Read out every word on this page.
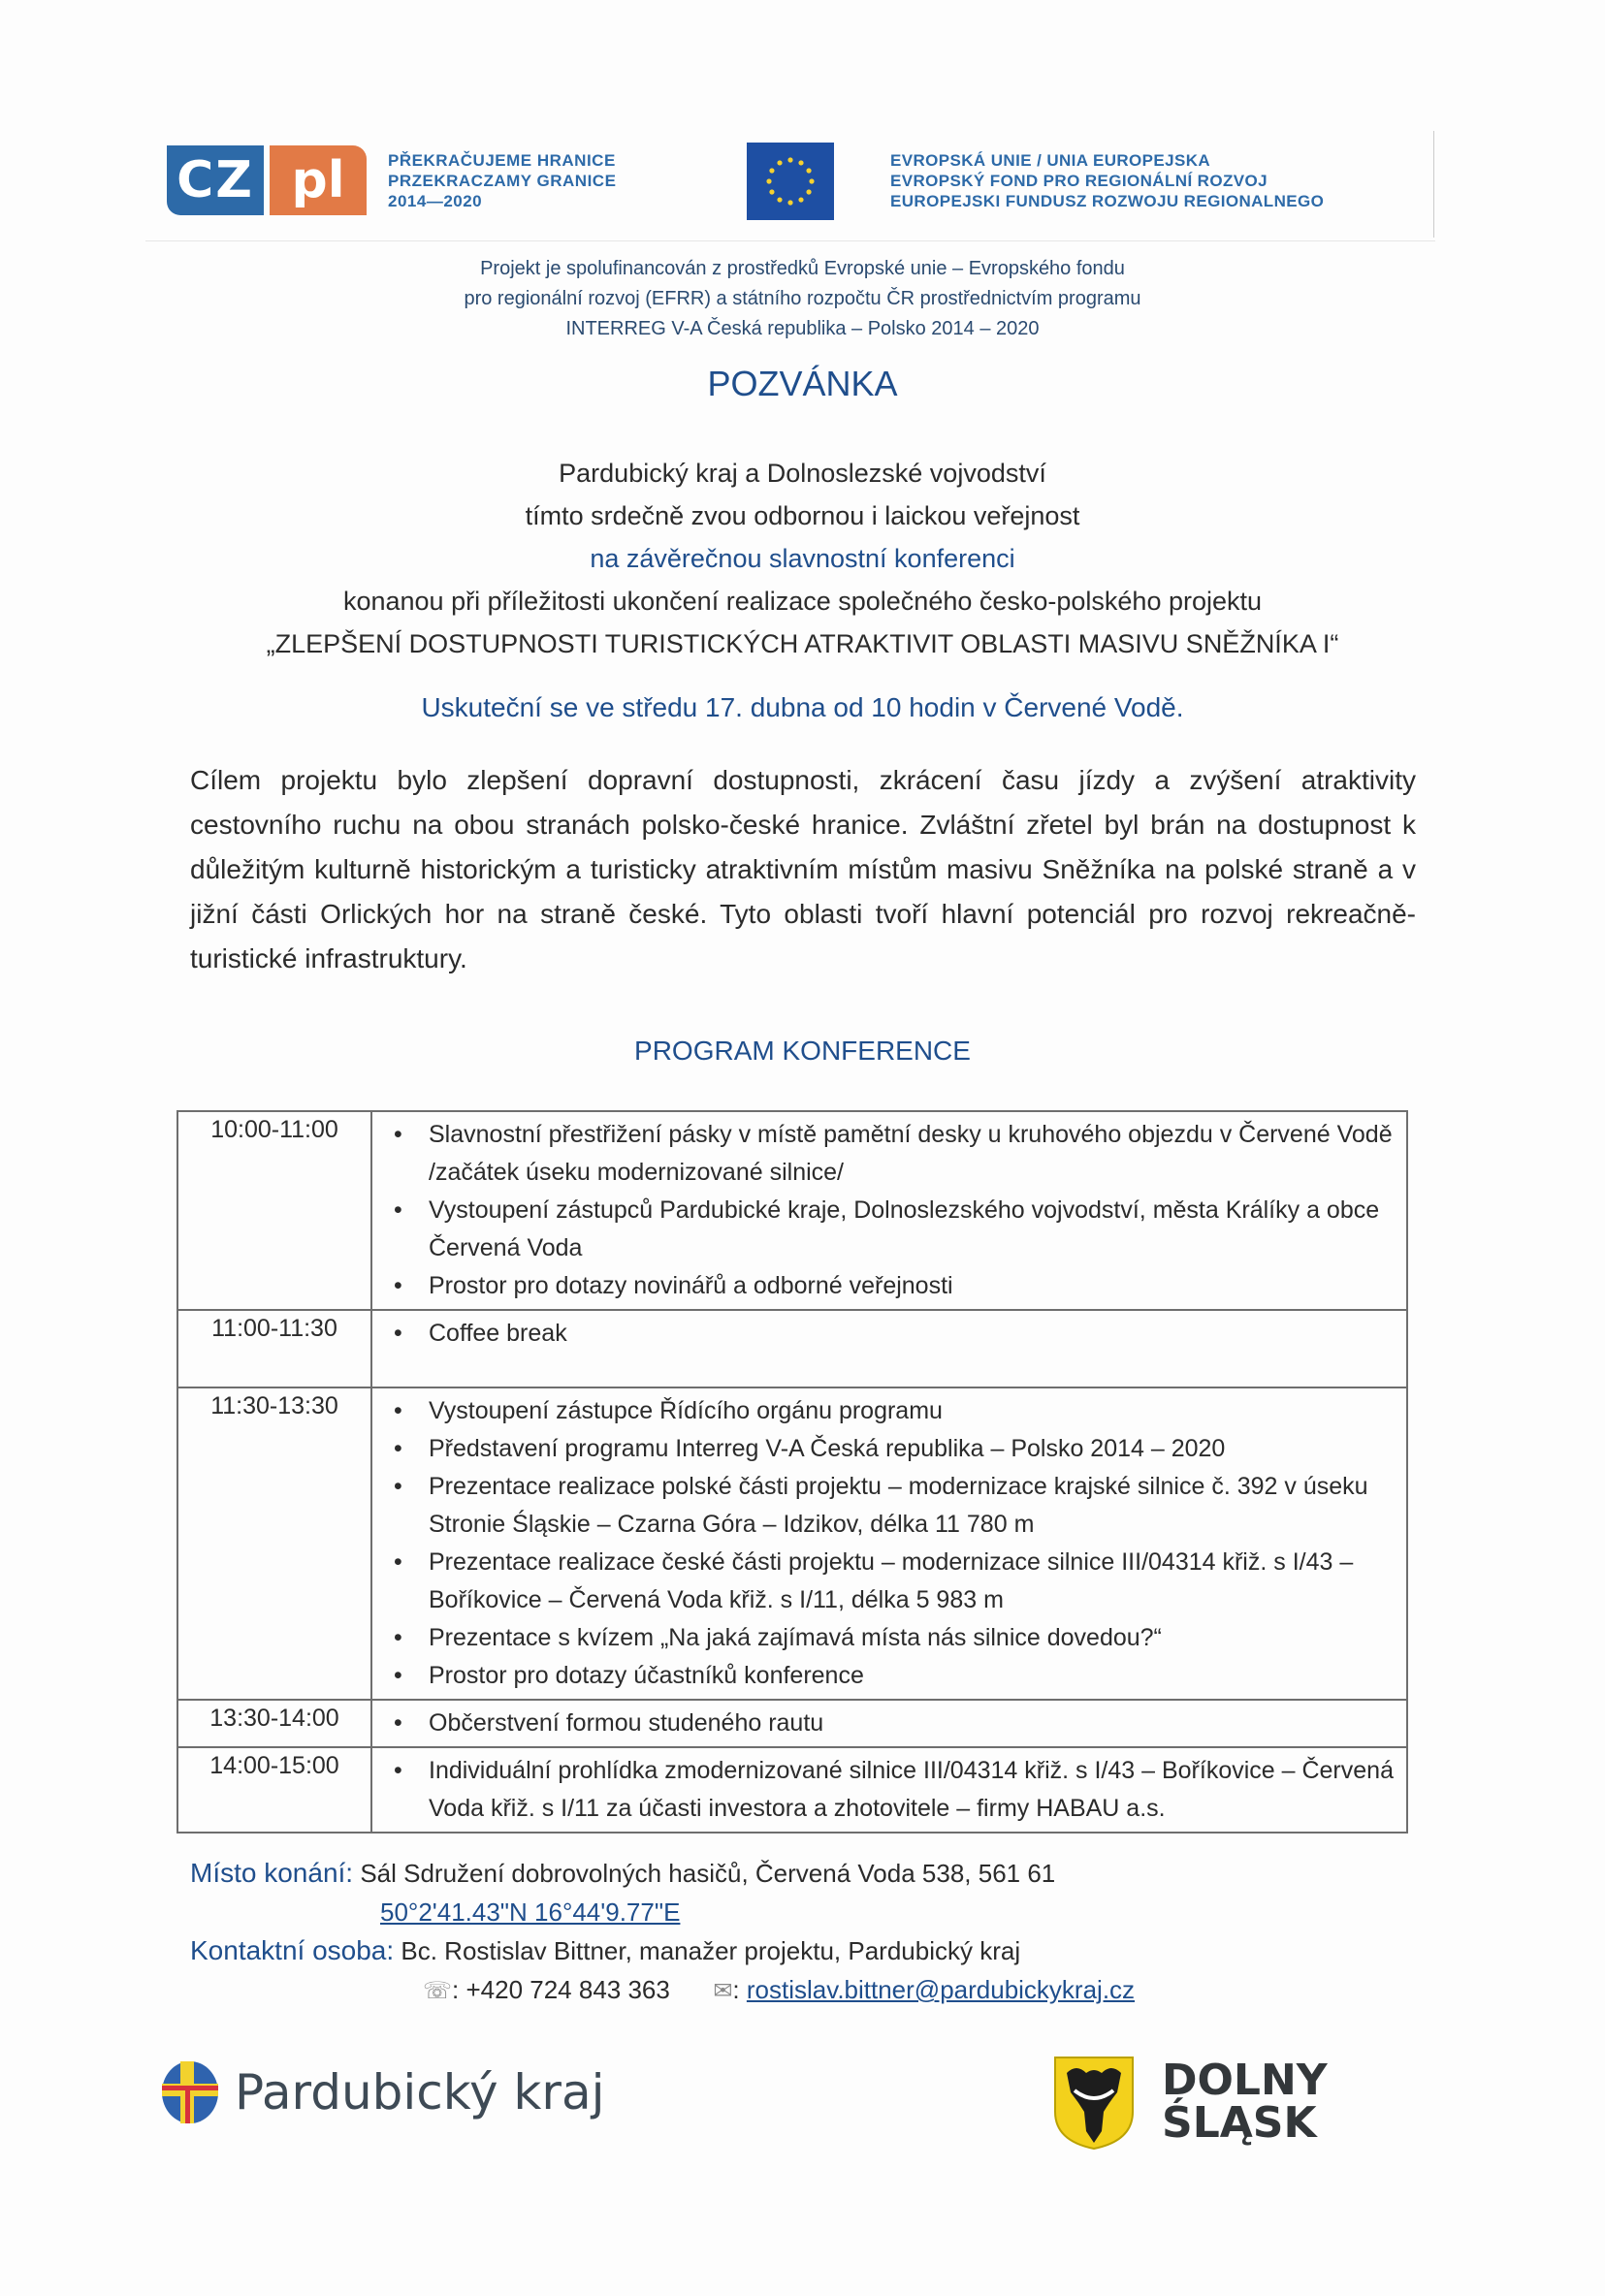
CZ pl	PŘEKRAČUJEME HRANICE
PRZEKRACZAMY GRANICE
2014—2020
EVROPSKÁ UNIE / UNIA EUROPEJSKA
EVROPSKÝ FOND PRO REGIONÁLNÍ ROZVOJ
EUROPEJSKI FUNDUSZ ROZWOJU REGIONALNEGO
Projekt je spolufinancován z prostředků Evropské unie – Evropského fondu
pro regionální rozvoj (EFRR) a státního rozpočtu ČR prostřednictvím programu
INTERREG V-A Česká republika – Polsko 2014 – 2020
POZVÁNKA
Pardubický kraj a Dolnoslezské vojvodství
tímto srdečně zvou odbornou i laickou veřejnost
na závěrečnou slavnostní konferenci
konanou při příležitosti ukončení realizace společného česko-polského projektu
„ZLEPŠENÍ DOSTUPNOSTI TURISTICKÝCH ATRAKTIVIT OBLASTI MASIVU SNĚŽNÍKA I“
Uskuteční se ve středu 17. dubna od 10 hodin v Červené Vodě.
Cílem projektu bylo zlepšení dopravní dostupnosti, zkrácení času jízdy a zvýšení atraktivity cestovního ruchu na obou stranách polsko-české hranice. Zvláštní zřetel byl brán na dostupnost k důležitým kulturně historickým a turisticky atraktivním místům masivu Sněžníka na polské straně a v jižní části Orlických hor na straně české. Tyto oblasti tvoří hlavní potenciál pro rozvoj rekreačně-turistické infrastruktury.
PROGRAM KONFERENCE
10:00-11:00	
•Slavnostní přestřižení pásky v místě pamětní desky u kruhového objezdu v Červené Vodě /začátek úseku modernizované silnice/
• Vystoupení zástupců Pardubické kraje, Dolnoslezského vojvodství, města Králíky a obce Červená Voda
• Prostor pro dotazy novinářů a odborné veřejnosti

11:00-11:30	
•Coffee break

11:30-13:30	
•Vystoupení zástupce Řídícího orgánu programu
• Představení programu Interreg V-A Česká republika – Polsko 2014 – 2020
• Prezentace realizace polské části projektu – modernizace krajské silnice č. 392 v úseku Stronie Śląskie – Czarna Góra – Idzikov, délka 11 780 m
• Prezentace realizace české části projektu – modernizace silnice III/04314 křiž. s I/43 – Boříkovice – Červená Voda křiž. s I/11, délka 5 983 m
• Prezentace s kvízem „Na jaká zajímavá místa nás silnice dovedou?“
• Prostor pro dotazy účastníků konference

13:30-14:00	
•Občerstvení formou studeného rautu

14:00-15:00	
•Individuální prohlídka zmodernizované silnice III/04314 křiž. s I/43 – Boříkovice – Červená Voda křiž. s I/11 za účasti investora a zhotovitele – firmy HABAU a.s.
Místo konání: Sál Sdružení dobrovolných hasičů, Červená Voda 538, 561 61
50°2'41.43"N 16°44'9.77"E
Kontaktní osoba: Bc. Rostislav Bittner, manažer projektu, Pardubický kraj
☏: +420 724 843 363 ✉: rostislav.bittner@pardubickykraj.cz
Pardubický kraj	DOLNY
ŚLĄSK
